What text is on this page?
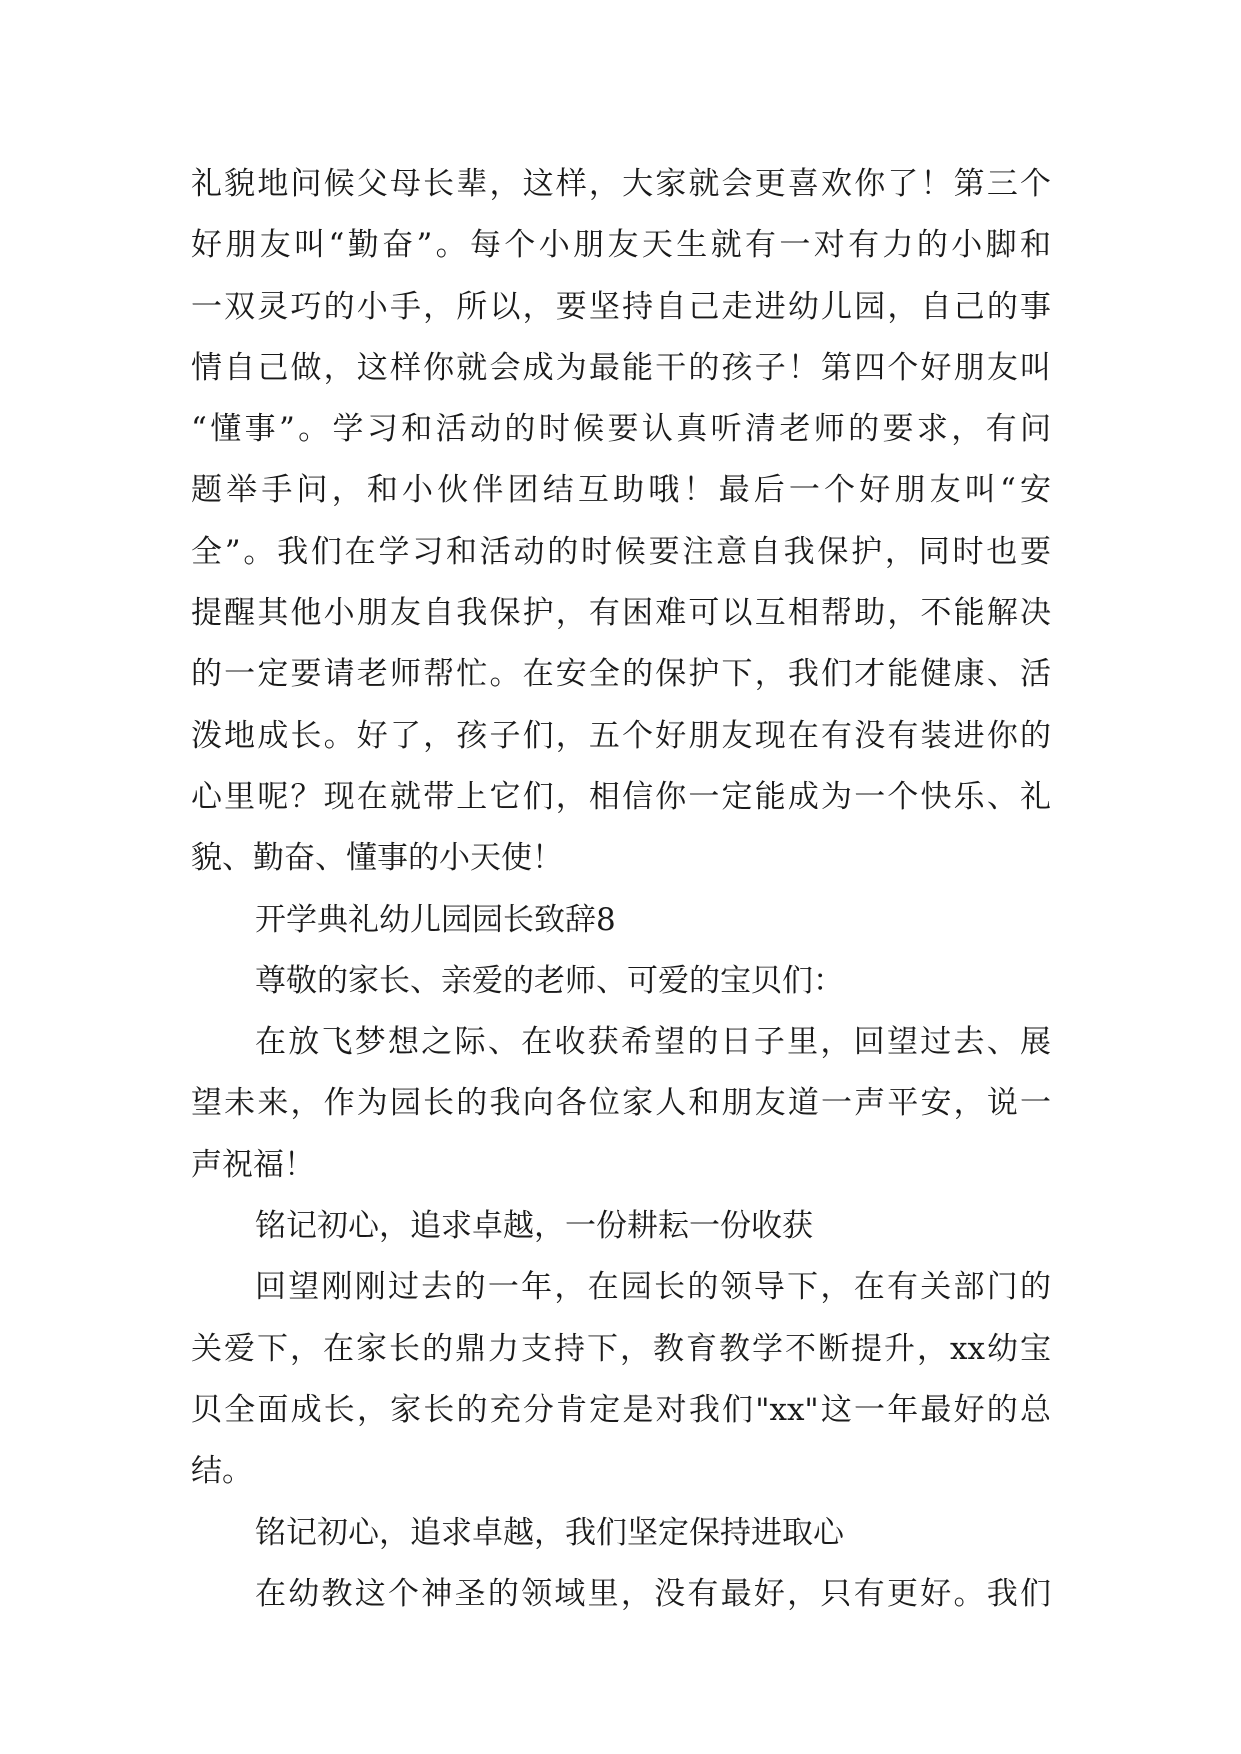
礼貌地问候父母长辈，这样，大家就会更喜欢你了！第三个
好朋友叫“勤奋”。每个小朋友天生就有一对有力的小脚和
一双灵巧的小手，所以，要坚持自己走进幼儿园，自己的事
情自己做，这样你就会成为最能干的孩子！第四个好朋友叫
“懂事”。学习和活动的时候要认真听清老师的要求，有问
题举手问，和小伙伴团结互助哦！最后一个好朋友叫“安
全”。我们在学习和活动的时候要注意自我保护，同时也要
提醒其他小朋友自我保护，有困难可以互相帮助，不能解决
的一定要请老师帮忙。在安全的保护下，我们才能健康、活
泼地成长。好了，孩子们，五个好朋友现在有没有装进你的
心里呢？现在就带上它们，相信你一定能成为一个快乐、礼
貌、勤奋、懂事的小天使！
开学典礼幼儿园园长致辞8
尊敬的家长、亲爱的老师、可爱的宝贝们：
在放飞梦想之际、在收获希望的日子里，回望过去、展
望未来，作为园长的我向各位家人和朋友道一声平安，说一
声祝福！
铭记初心，追求卓越，一份耕耘一份收获
回望刚刚过去的一年，在园长的领导下，在有关部门的
关爱下，在家长的鼎力支持下，教育教学不断提升，xx幼宝
贝全面成长，家长的充分肯定是对我们"xx"这一年最好的总
结。
铭记初心，追求卓越，我们坚定保持进取心
在幼教这个神圣的领域里，没有最好，只有更好。我们
